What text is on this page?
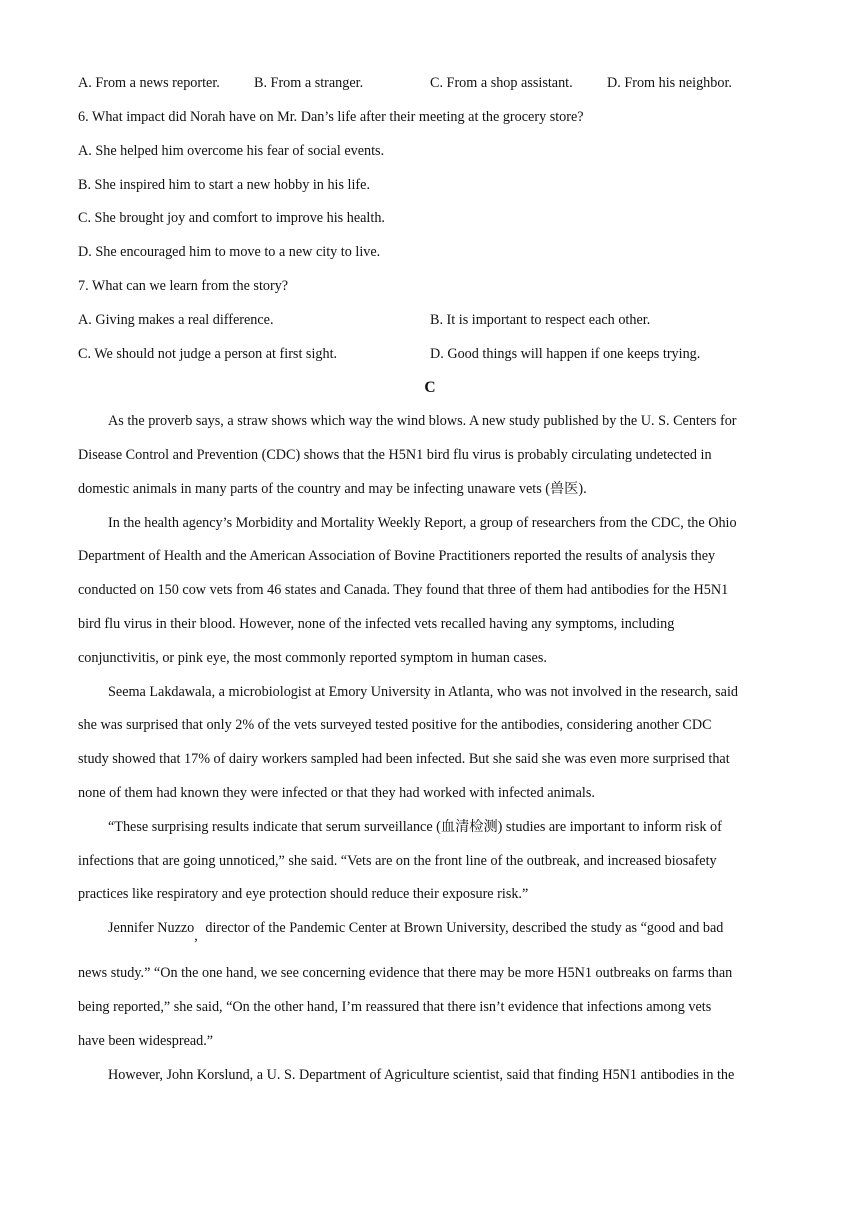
A. From a news reporter. B. From a stranger.	C. From a shop assistant. D. From his neighbor.
6. What impact did Norah have on Mr. Dan’s life after their meeting at the grocery store?
A. She helped him overcome his fear of social events.
B. She inspired him to start a new hobby in his life.
C. She brought joy and comfort to improve his health.
D. She encouraged him to move to a new city to live.
7. What can we learn from the story?
A. Giving makes a real difference.	B. It is important to respect each other.
C. We should not judge a person at first sight.	D. Good things will happen if one keeps trying.
C
As the proverb says, a straw shows which way the wind blows. A new study published by the U. S. Centers for
Disease Control and Prevention (CDC) shows that the H5N1 bird flu virus is probably circulating undetected in
domestic animals in many parts of the country and may be infecting unaware vets (兽医).
In the health agency’s Morbidity and Mortality Weekly Report, a group of researchers from the CDC, the Ohio
Department of Health and the American Association of Bovine Practitioners reported the results of analysis they
conducted on 150 cow vets from 46 states and Canada. They found that three of them had antibodies for the H5N1
bird flu virus in their blood. However, none of the infected vets recalled having any symptoms, including
conjunctivitis, or pink eye, the most commonly reported symptom in human cases.
Seema Lakdawala, a microbiologist at Emory University in Atlanta, who was not involved in the research, said
she was surprised that only 2% of the vets surveyed tested positive for the antibodies, considering another CDC
study showed that 17% of dairy workers sampled had been infected. But she said she was even more surprised that
none of them had known they were infected or that they had worked with infected animals.
“These surprising results indicate that serum surveillance (血清检测) studies are important to inform risk of
infections that are going unnoticed,” she said. “Vets are on the front line of the outbreak, and increased biosafety
practices like respiratory and eye protection should reduce their exposure risk.”
Jennifer Nuzzo, director of the Pandemic Center at Brown University, described the study as “good and bad
news study.” “On the one hand, we see concerning evidence that there may be more H5N1 outbreaks on farms than
being reported,” she said, “On the other hand, I’m reassured that there isn’t evidence that infections among vets
have been widespread.”
However, John Korslund, a U. S. Department of Agriculture scientist, said that finding H5N1 antibodies in the
